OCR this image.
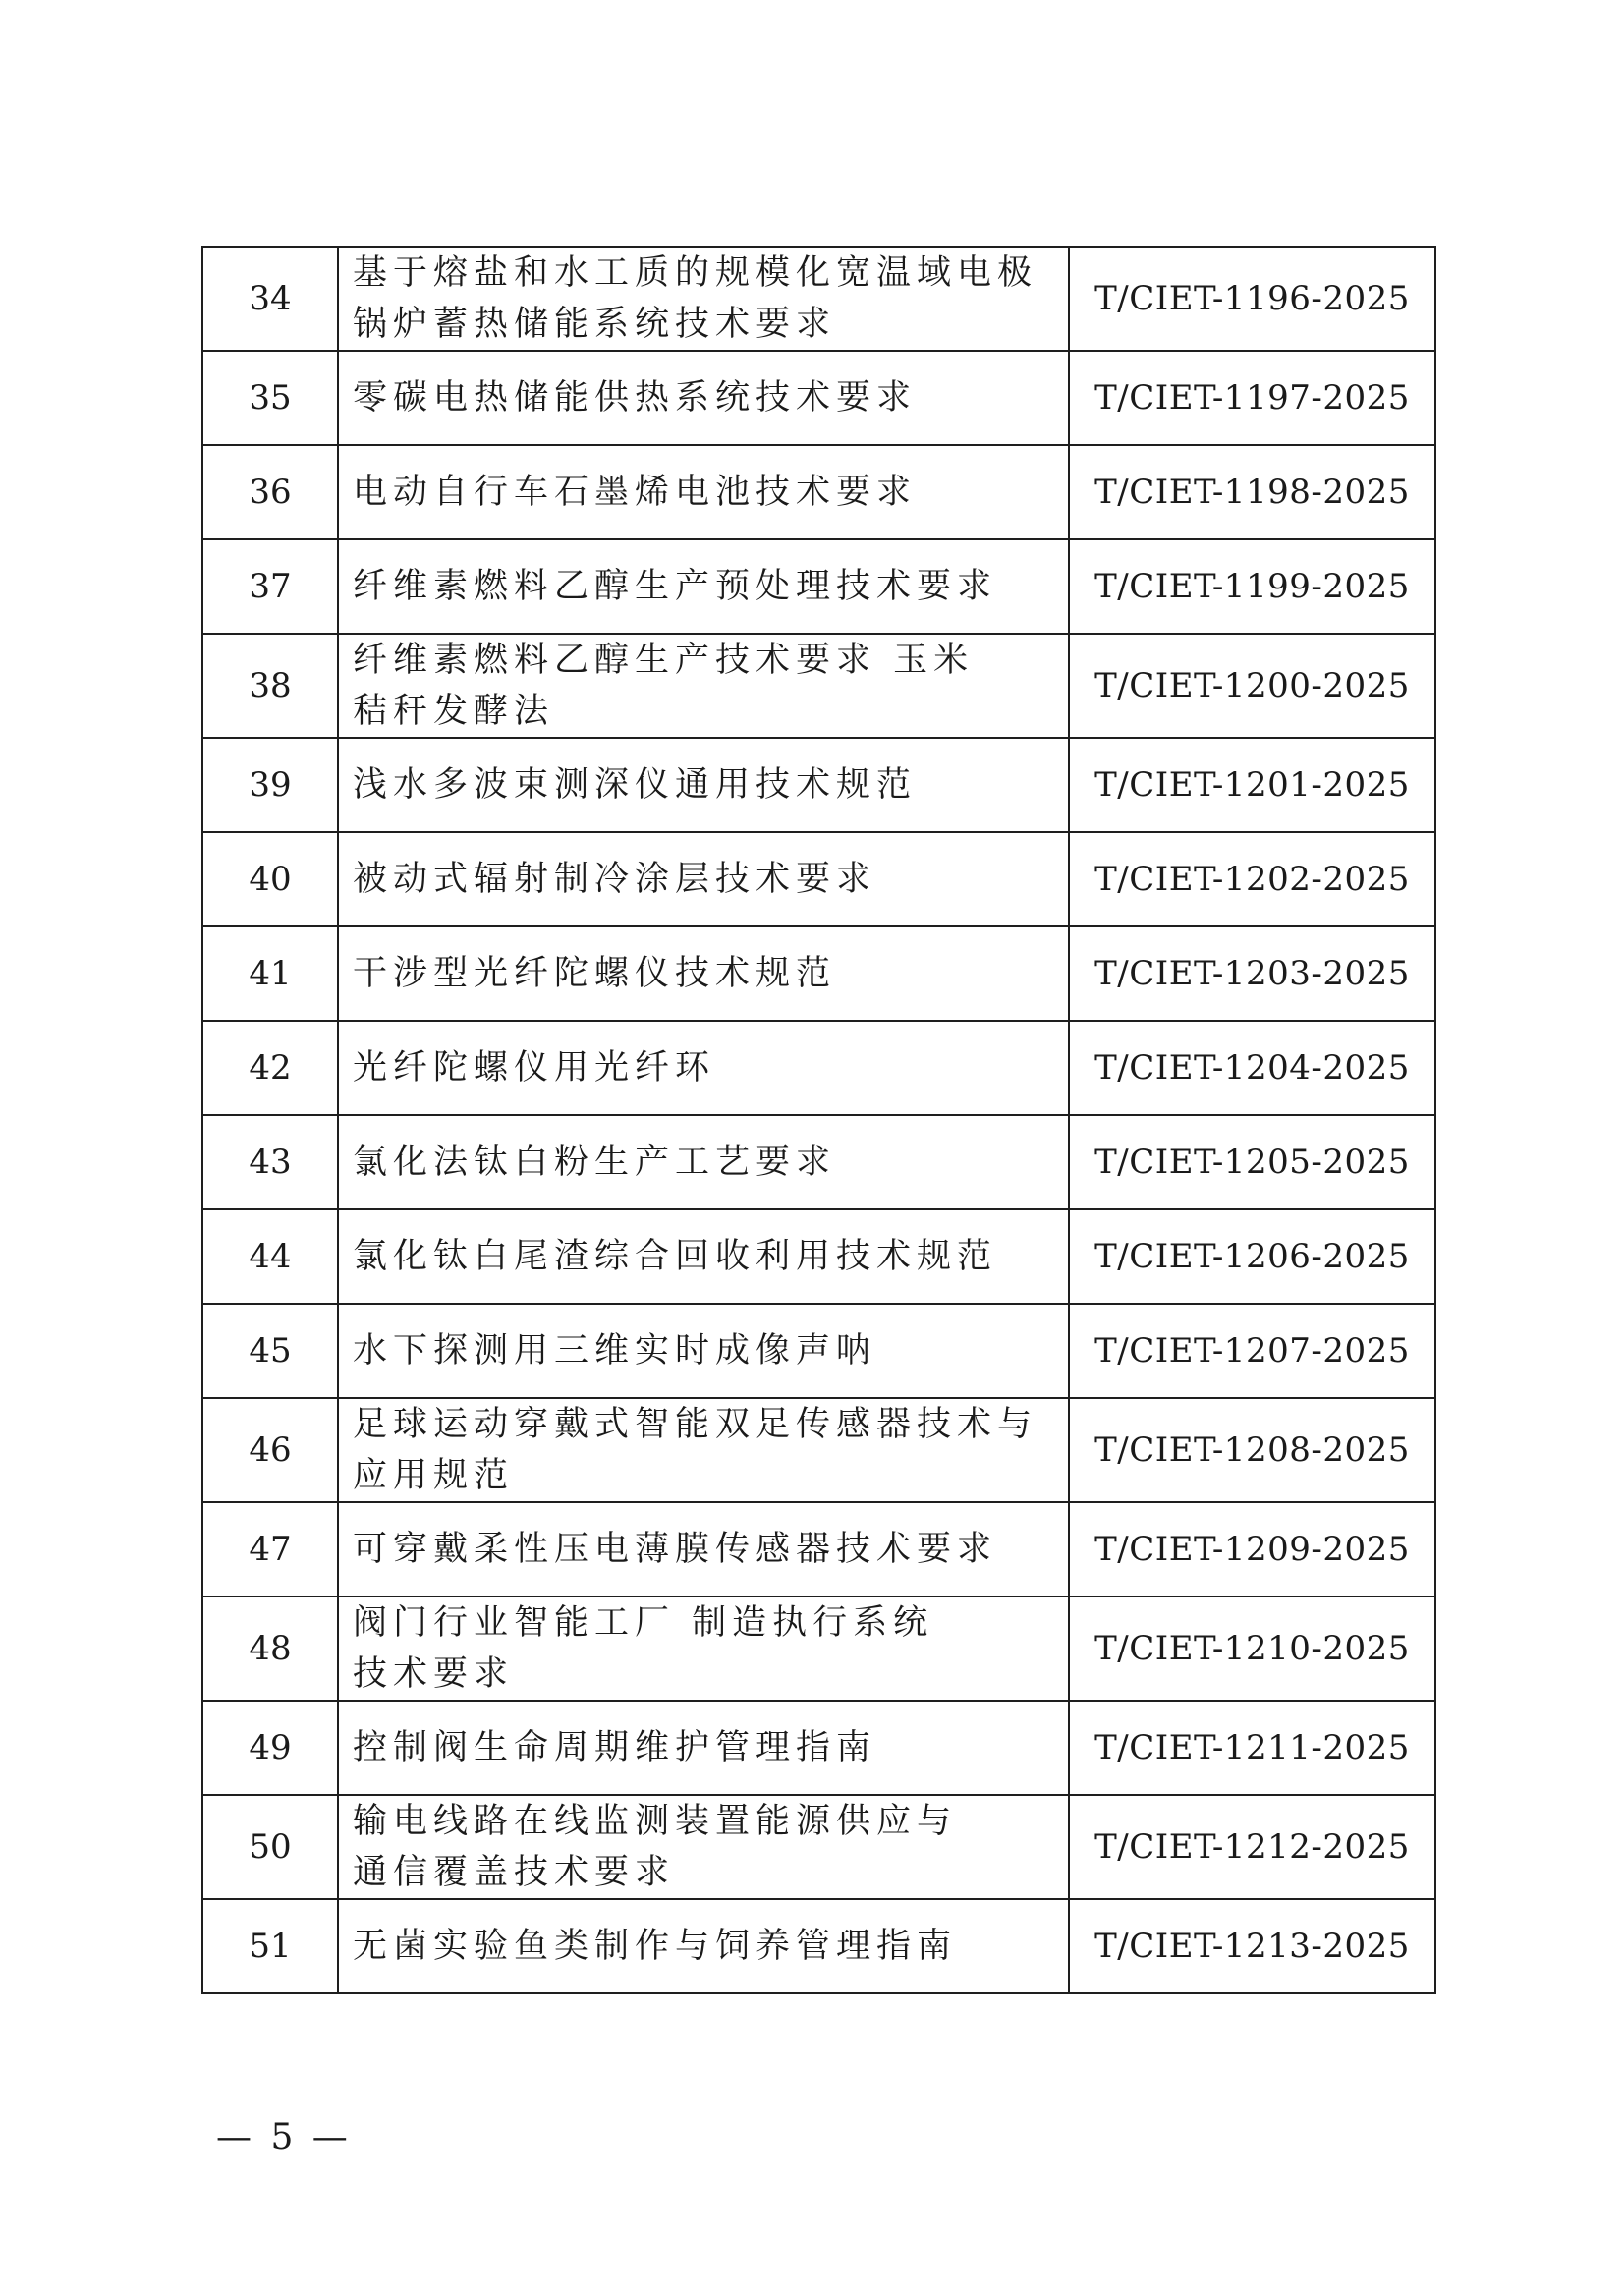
34	基于熔盐和水工质的规模化宽温域电极
锅炉蓄热储能系统技术要求	T/CIET-1196-2025
35	零碳电热储能供热系统技术要求	T/CIET-1197-2025
36	电动自行车石墨烯电池技术要求	T/CIET-1198-2025
37	纤维素燃料乙醇生产预处理技术要求	T/CIET-1199-2025
38	纤维素燃料乙醇生产技术要求 玉米
秸秆发酵法	T/CIET-1200-2025
39	浅水多波束测深仪通用技术规范	T/CIET-1201-2025
40	被动式辐射制冷涂层技术要求	T/CIET-1202-2025
41	干涉型光纤陀螺仪技术规范	T/CIET-1203-2025
42	光纤陀螺仪用光纤环	T/CIET-1204-2025
43	氯化法钛白粉生产工艺要求	T/CIET-1205-2025
44	氯化钛白尾渣综合回收利用技术规范	T/CIET-1206-2025
45	水下探测用三维实时成像声呐	T/CIET-1207-2025
46	足球运动穿戴式智能双足传感器技术与
应用规范	T/CIET-1208-2025
47	可穿戴柔性压电薄膜传感器技术要求	T/CIET-1209-2025
48	阀门行业智能工厂 制造执行系统
技术要求	T/CIET-1210-2025
49	控制阀生命周期维护管理指南	T/CIET-1211-2025
50	输电线路在线监测装置能源供应与
通信覆盖技术要求	T/CIET-1212-2025
51	无菌实验鱼类制作与饲养管理指南	T/CIET-1213-2025
— 5 —
